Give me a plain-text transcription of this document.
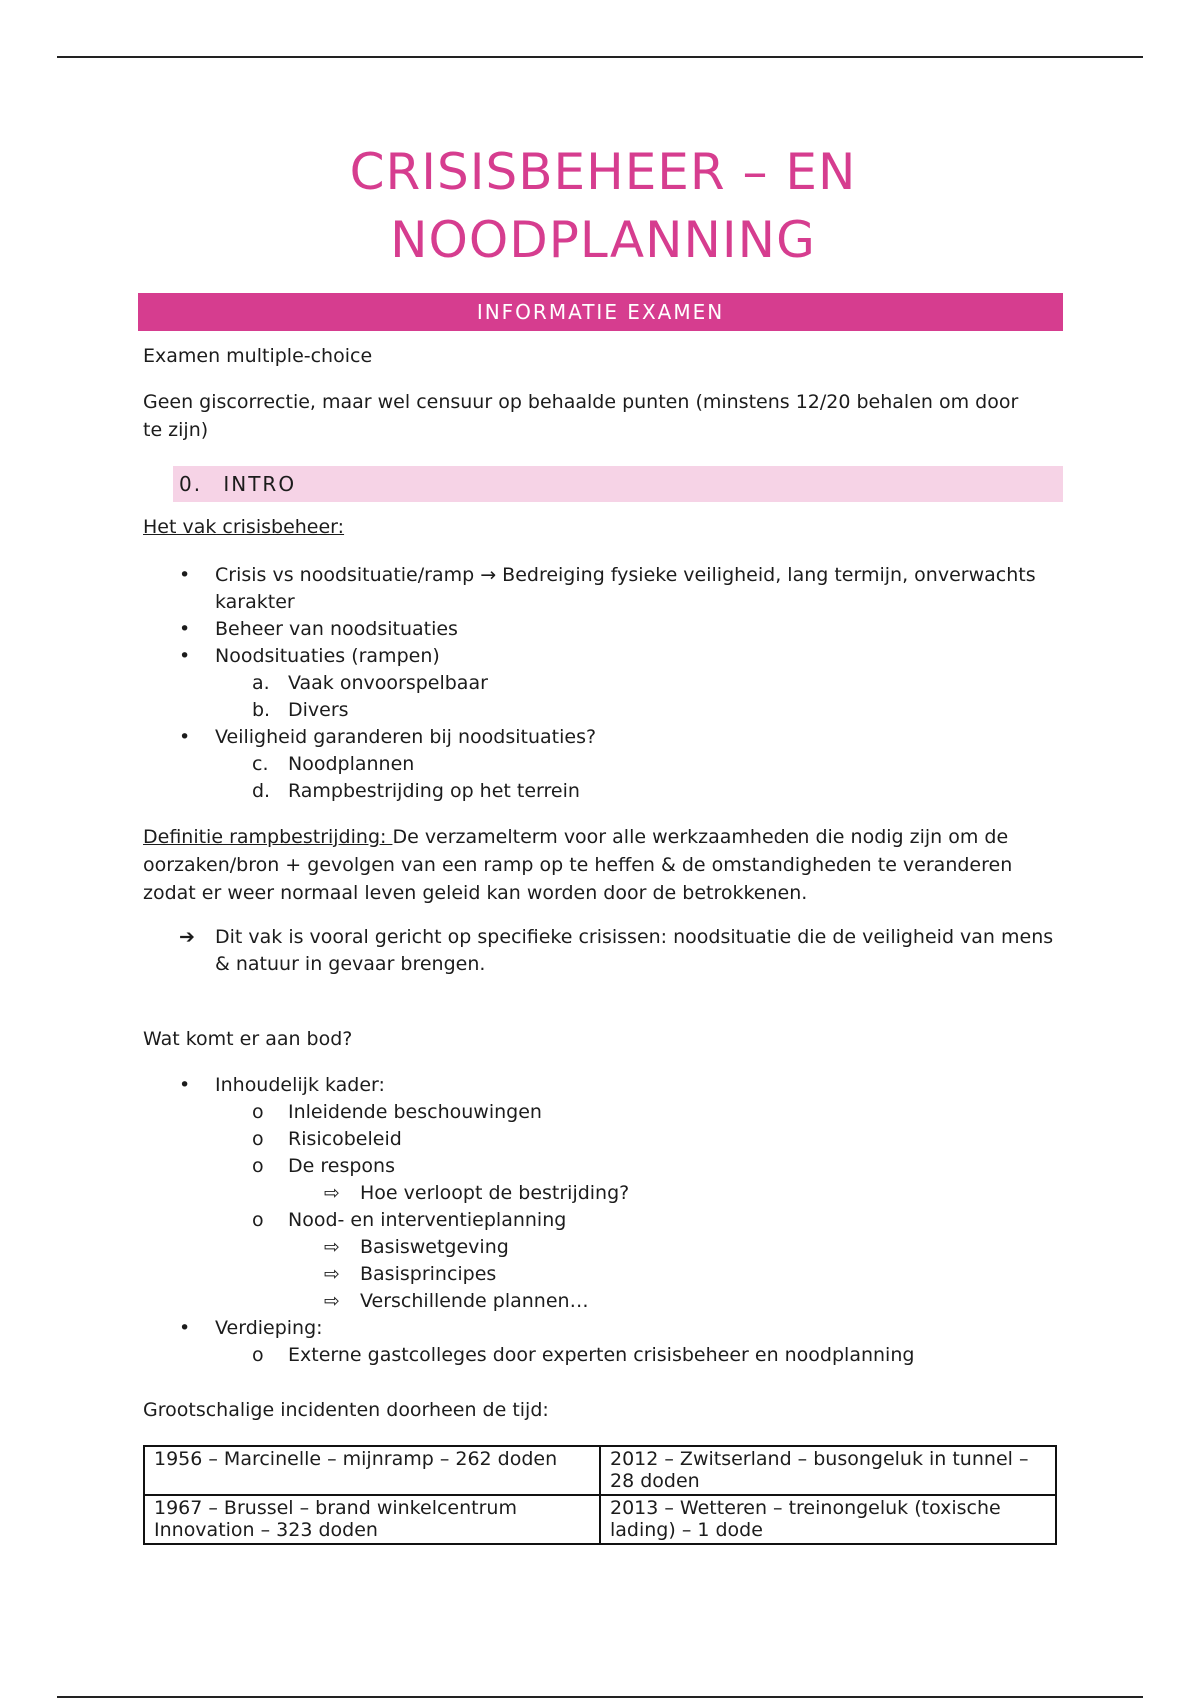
CRISISBEHEER – EN
NOODPLANNING
INFORMATIE EXAMEN

Examen multiple-choice

Geen giscorrectie, maar wel censuur op behaalde punten (minstens 12/20 behalen om door te zijn)

0. INTRO

Het vak crisisbeheer:

• Crisis vs noodsituatie/ramp → Bedreiging fysieke veiligheid, lang termijn, onverwachts karakter
• Beheer van noodsituaties
• Noodsituaties (rampen)
a. Vaak onvoorspelbaar
b. Divers
• Veiligheid garanderen bij noodsituaties?
c. Noodplannen
d. Rampbestrijding op het terrein

Definitie rampbestrijding: De verzamelterm voor alle werkzaamheden die nodig zijn om de oorzaken/bron + gevolgen van een ramp op te heffen & de omstandigheden te veranderen zodat er weer normaal leven geleid kan worden door de betrokkenen.

➔	Dit vak is vooral gericht op specifieke crisissen: noodsituatie die de veiligheid van mens & natuur in gevaar brengen.

Wat komt er aan bod?

• Inhoudelijk kader:
o Inleidende beschouwingen
o Risicobeleid
o De respons
⇨ Hoe verloopt de bestrijding?
o Nood- en interventieplanning
⇨ Basiswetgeving
⇨ Basisprincipes
⇨ Verschillende plannen…
• Verdieping:
o Externe gastcolleges door experten crisisbeheer en noodplanning

Grootschalige incidenten doorheen de tijd:

1956 – Marcinelle – mijnramp – 262 doden	2012 – Zwitserland – busongeluk in tunnel – 28 doden
1967 – Brussel – brand winkelcentrum Innovation – 323 doden	2013 – Wetteren – treinongeluk (toxische lading) – 1 dode
